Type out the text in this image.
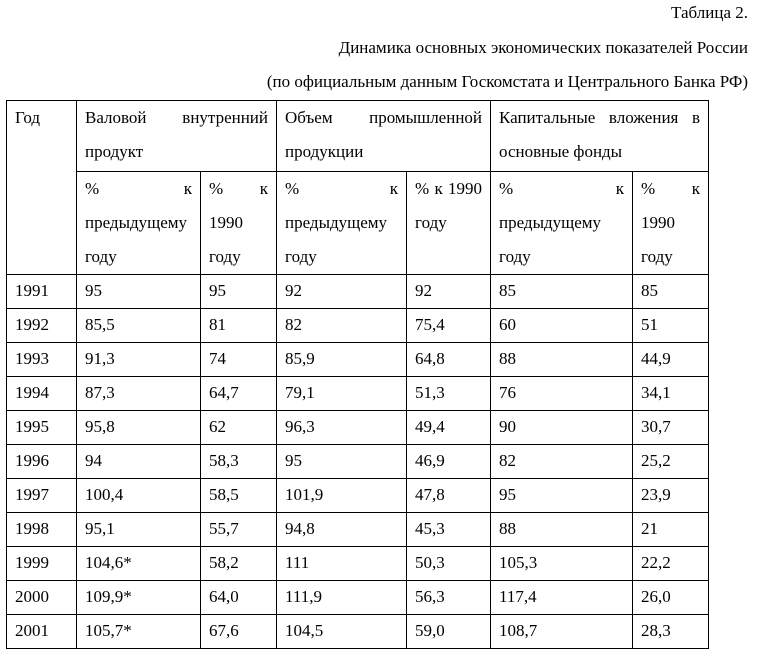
Таблица 2.
Динамика основных экономических показателей России
(по официальным данным Госкомстата и Центрального Банка РФ)
Год	Валовой внутренний продукт		Объем промышленной продукции		Капитальные вложения в основные фонды	
	% к предыдущему году	% к 1990 году	% к предыдущему году	% к 1990 году	% к предыдущему году	% к 1990 году
1991	95	95	92	92	85	85
1992	85,5	81	82	75,4	60	51
1993	91,3	74	85,9	64,8	88	44,9
1994	87,3	64,7	79,1	51,3	76	34,1
1995	95,8	62	96,3	49,4	90	30,7
1996	94	58,3	95	46,9	82	25,2
1997	100,4	58,5	101,9	47,8	95	23,9
1998	95,1	55,7	94,8	45,3	88	21
1999	104,6*	58,2	111	50,3	105,3	22,2
2000	109,9*	64,0	111,9	56,3	117,4	26,0
2001	105,7*	67,6	104,5	59,0	108,7	28,3
